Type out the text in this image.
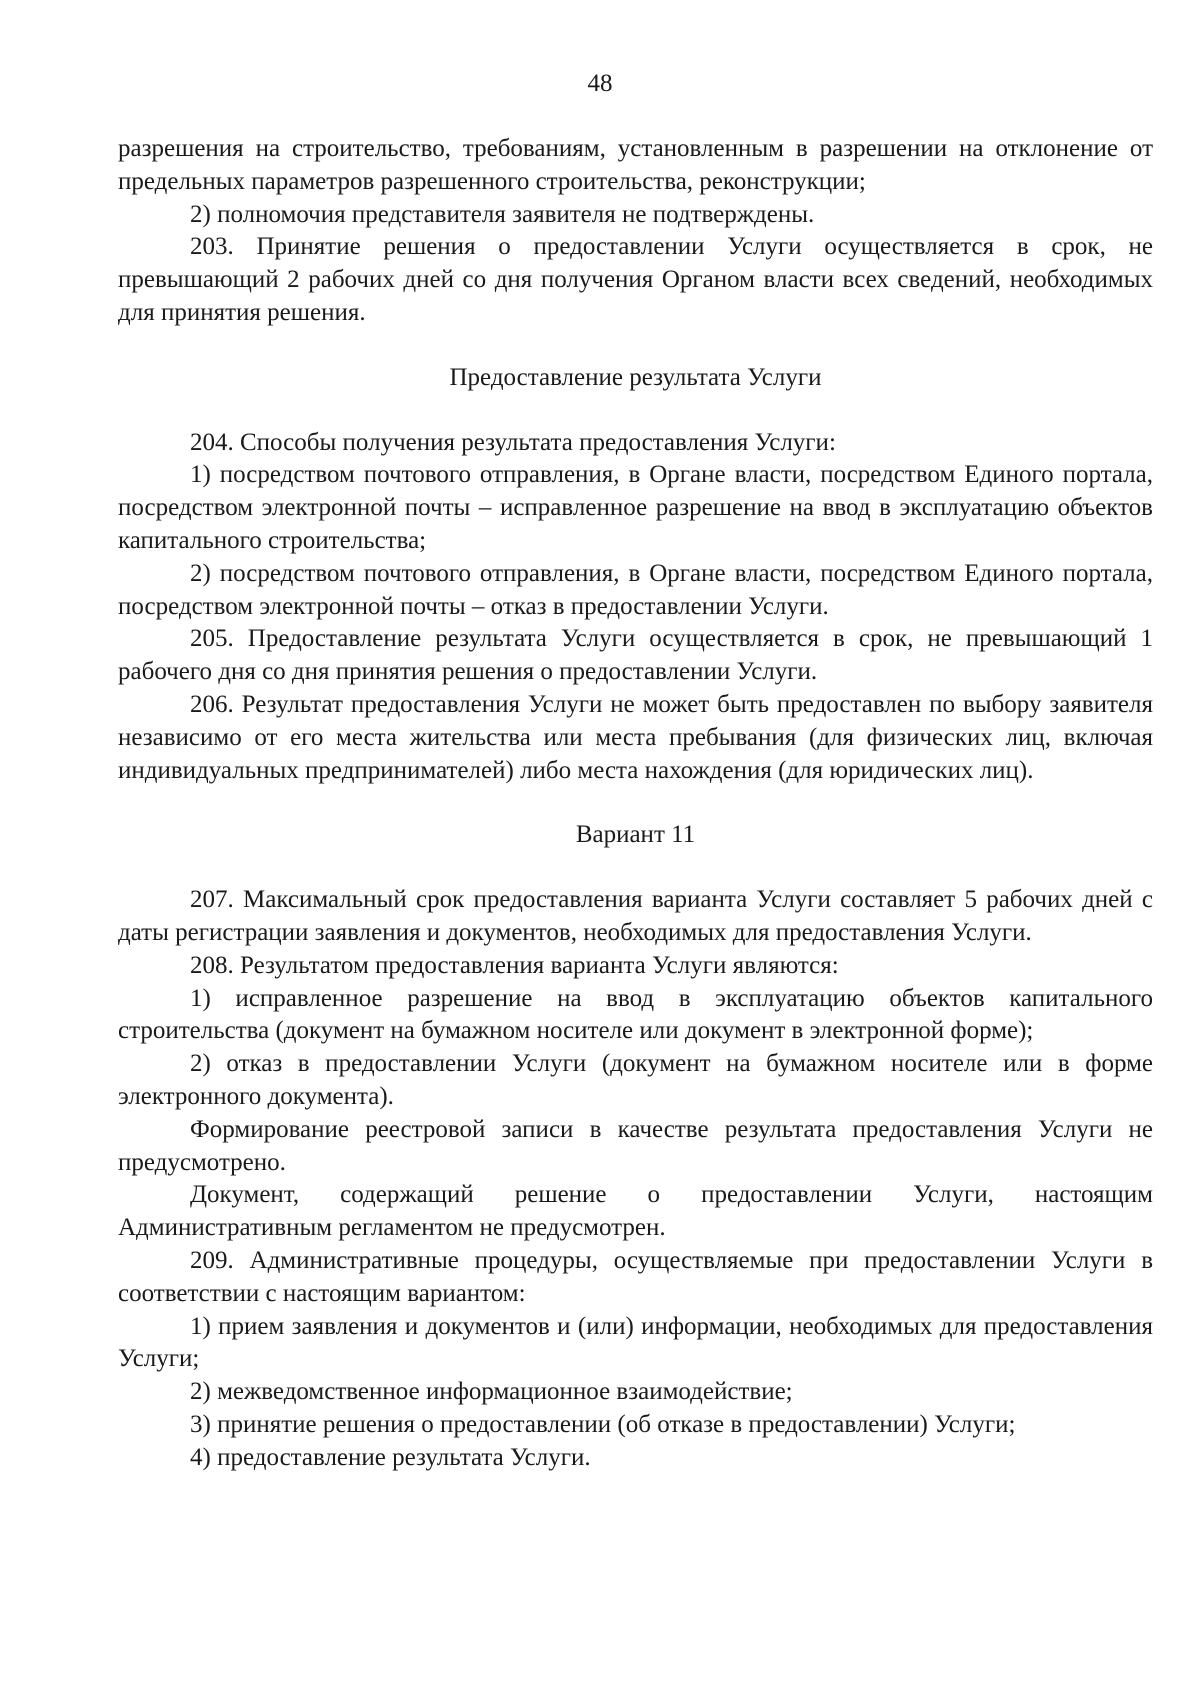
48

разрешения на строительство, требованиям, установленным в разрешении на отклонение от предельных параметров разрешенного строительства, реконструкции;

2) полномочия представителя заявителя не подтверждены.

203. Принятие решения о предоставлении Услуги осуществляется в срок, не превышающий 2 рабочих дней со дня получения Органом власти всех сведений, необходимых для принятия решения.

Предоставление результата Услуги

204. Способы получения результата предоставления Услуги:

1) посредством почтового отправления, в Органе власти, посредством Единого портала, посредством электронной почты – исправленное разрешение на ввод в эксплуатацию объектов капитального строительства;

2) посредством почтового отправления, в Органе власти, посредством Единого портала, посредством электронной почты – отказ в предоставлении Услуги.

205. Предоставление результата Услуги осуществляется в срок, не превышающий 1 рабочего дня со дня принятия решения о предоставлении Услуги.

206. Результат предоставления Услуги не может быть предоставлен по выбору заявителя независимо от его места жительства или места пребывания (для физических лиц, включая индивидуальных предпринимателей) либо места нахождения (для юридических лиц).

Вариант 11

207. Максимальный срок предоставления варианта Услуги составляет 5 рабочих дней с даты регистрации заявления и документов, необходимых для предоставления Услуги.

208. Результатом предоставления варианта Услуги являются:

1) исправленное разрешение на ввод в эксплуатацию объектов капитального строительства (документ на бумажном носителе или документ в электронной форме);

2) отказ в предоставлении Услуги (документ на бумажном носителе или в форме электронного документа).

Формирование реестровой записи в качестве результата предоставления Услуги не предусмотрено.

Документ, содержащий решение о предоставлении Услуги, настоящим Административным регламентом не предусмотрен.

209. Административные процедуры, осуществляемые при предоставлении Услуги в соответствии с настоящим вариантом:

1) прием заявления и документов и (или) информации, необходимых для предоставления Услуги;

2) межведомственное информационное взаимодействие;

3) принятие решения о предоставлении (об отказе в предоставлении) Услуги;

4) предоставление результата Услуги.
